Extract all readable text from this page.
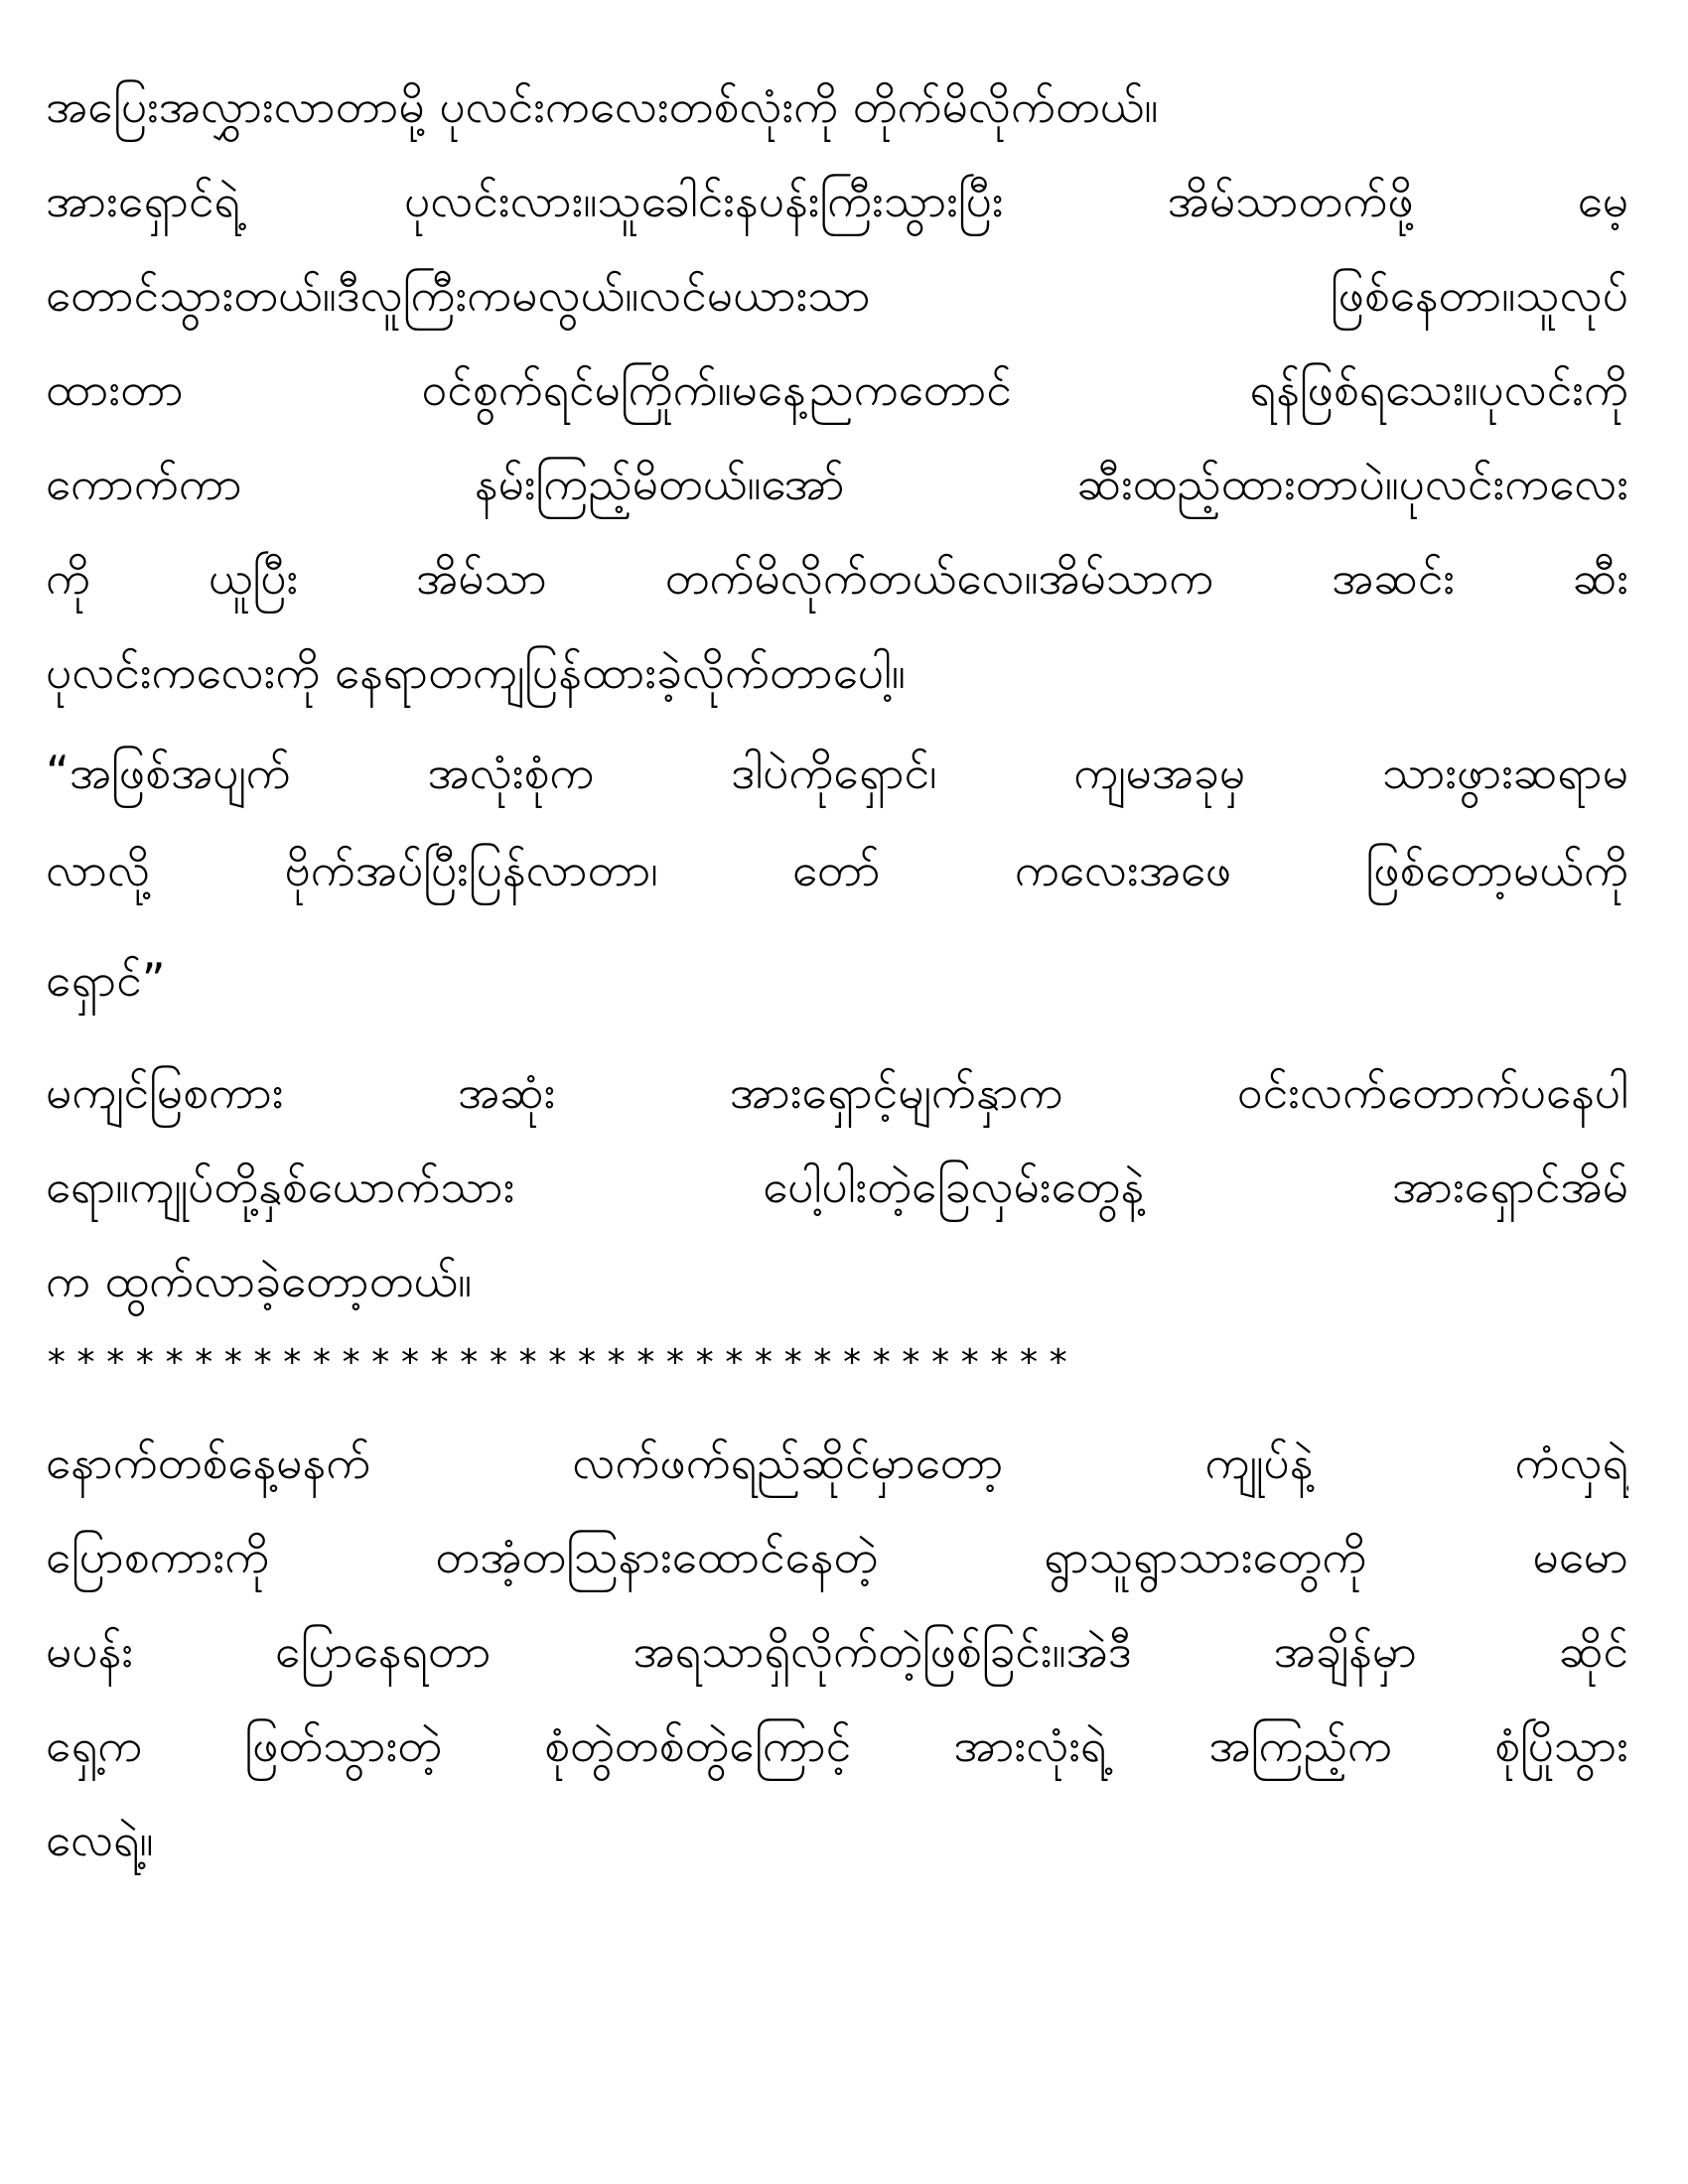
အပြေးအလွှားလာတာမို့ ပုလင်းကလေးတစ်လုံးကို တိုက်မိလိုက်တယ်။
အားရှောင်ရဲ့ ပုလင်းလား။သူခေါင်းနပန်းကြီးသွားပြီး အိမ်သာတက်ဖို့ မေ့
တောင်သွားတယ်။ဒီလူကြီးကမလွယ်။လင်မယားသာ ဖြစ်နေတာ။သူလုပ်
ထားတာ ဝင်စွက်ရင်မကြိုက်။မနေ့ညကတောင် ရန်ဖြစ်ရသေး။ပုလင်းကို
ကောက်ကာ နမ်းကြည့်မိတယ်။အော် ဆီးထည့်ထားတာပဲ။ပုလင်းကလေး
ကို ယူပြီး အိမ်သာ တက်မိလိုက်တယ်လေ။အိမ်သာက အဆင်း ဆီး
ပုလင်းကလေးကို နေရာတကျပြန်ထားခဲ့လိုက်တာပေါ့။
“အဖြစ်အပျက် အလုံးစုံက ဒါပဲကိုရှောင်၊ ကျမအခုမှ သားဖွားဆရာမ
လာလို့ ဗိုက်အပ်ပြီးပြန်လာတာ၊ တော် ကလေးအဖေ ဖြစ်တော့မယ်ကို
ရှောင်”
မကျင်မြစကား အဆုံး အားရှောင့်မျက်နှာက ဝင်းလက်တောက်ပနေပါ
ရော။ကျုပ်တို့နှစ်ယောက်သား ပေါ့ပါးတဲ့ခြေလှမ်းတွေနဲ့ အားရှောင်အိမ်
က ထွက်လာခဲ့တော့တယ်။
***********************************
နောက်တစ်နေ့မနက် လက်ဖက်ရည်ဆိုင်မှာတော့ ကျုပ်နဲ့ ကံလှရဲ့
ပြောစကားကို တအံ့တသြနားထောင်နေတဲ့ ရွာသူရွာသားတွေကို မမော
မပန်း ပြောနေရတာ အရသာရှိလိုက်တဲ့ဖြစ်ခြင်း။အဲဒီ အချိန်မှာ ဆိုင်
ရှေ့က ဖြတ်သွားတဲ့ စုံတွဲတစ်တွဲကြောင့် အားလုံးရဲ့ အကြည့်က စုံပြိုသွား
လေရဲ့။
